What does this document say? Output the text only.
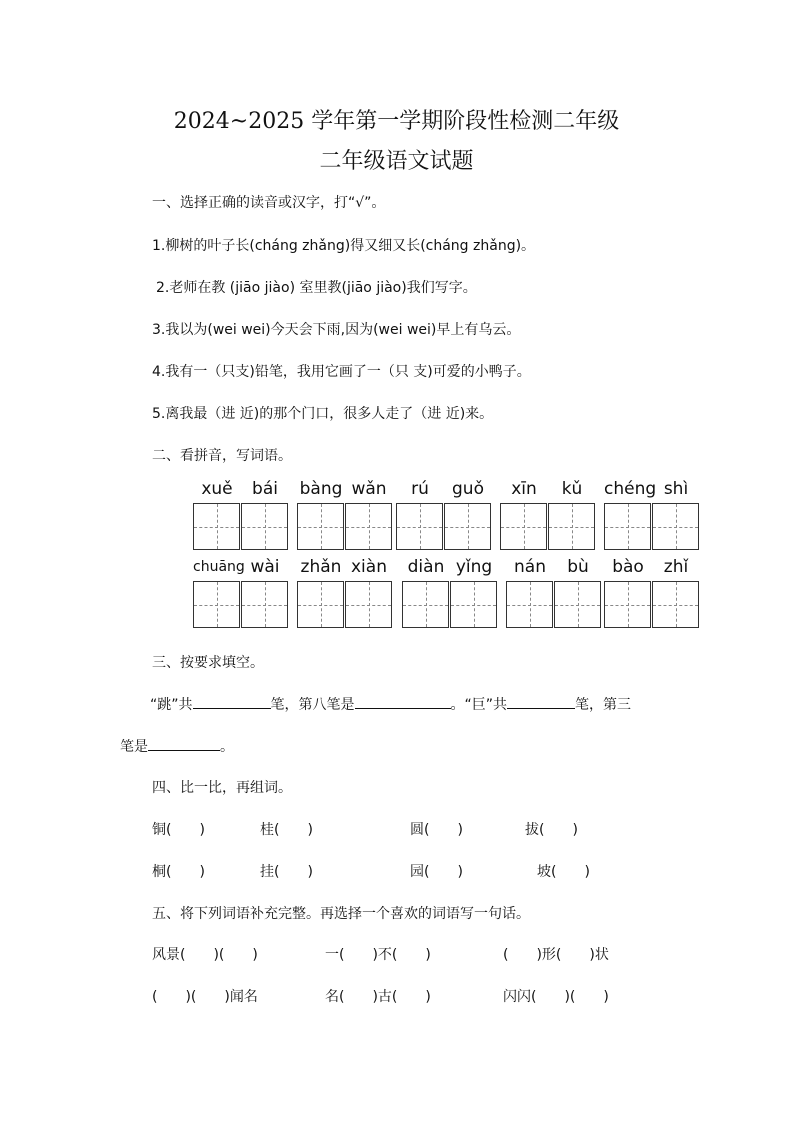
2024~2025 学年第一学期阶段性检测二年级
二年级语文试题
一、选择正确的读音或汉字，打“√”。
1.柳树的叶子长(cháng zhǎng)得又细又长(cháng zhǎng)。
2.老师在教 (jiāo jiào) 室里教(jiāo jiào)我们写字。
3.我以为(wei wei)今天会下雨,因为(wei wei)早上有乌云。
4.我有一（只支)铅笔，我用它画了一（只 支)可爱的小鸭子。
5.离我最（进 近)的那个门口，很多人走了（进 近)来。
二、看拼音，写词语。
xuě	bái	bàng wǎn	rú	guǒ	xīn	kǔ	chéng shì
chuāng wài	zhǎn xiàn	diàn yǐng	nán	bù	bào	zhǐ
三、按要求填空。
“跳”共	笔，第八笔是	。“巨”共	笔，第三
笔是	。
四、比一比，再组词。
铜(　　)	桂(　　)	圆(　　)	拔(　　)
桐(　　)	挂(　　)	园(　　)	坡(　　)
五、将下列词语补充完整。再选择一个喜欢的词语写一句话。
风景(　　)(　　)	一(　　)不(　　)	(　　)形(　　)状
(　　)(　　)闻名	名(　　)古(　　)	闪闪(　　)(　　)
